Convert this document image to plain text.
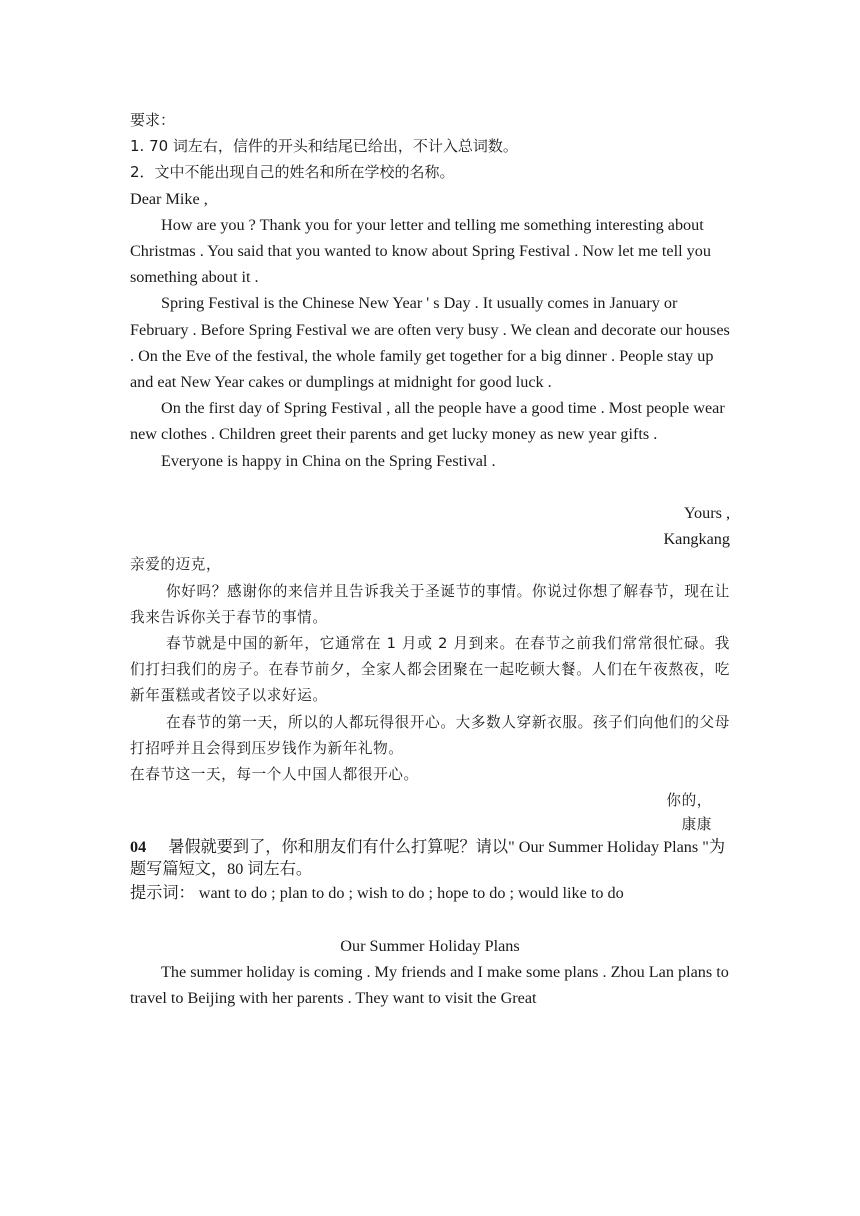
要求：

1. 70 词左右，信件的开头和结尾已给出，不计入总词数。

2．文中不能出现自己的姓名和所在学校的名称。

Dear Mike ,

How are you ? Thank you for your letter and telling me something interesting about Christmas . You said that you wanted to know about Spring Festival . Now let me tell you something about it .

Spring Festival is the Chinese New Year ' s Day . It usually comes in January or February . Before Spring Festival we are often very busy . We clean and decorate our houses . On the Eve of the festival, the whole family get together for a big dinner . People stay up and eat New Year cakes or dumplings at midnight for good luck .

On the first day of Spring Festival , all the people have a good time . Most people wear new clothes . Children greet their parents and get lucky money as new year gifts .

Everyone is happy in China on the Spring Festival .

Yours ,

Kangkang

亲爱的迈克，

你好吗？感谢你的来信并且告诉我关于圣诞节的事情。你说过你想了解春节，现在让我来告诉你关于春节的事情。

春节就是中国的新年，它通常在 1 月或 2 月到来。在春节之前我们常常很忙碌。我们打扫我们的房子。在春节前夕，全家人都会团聚在一起吃顿大餐。人们在午夜熬夜，吃新年蛋糕或者饺子以求好运。

在春节的第一天，所以的人都玩得很开心。大多数人穿新衣服。孩子们向他们的父母打招呼并且会得到压岁钱作为新年礼物。

在春节这一天，每一个人中国人都很开心。

你的，

康康

04 暑假就要到了，你和朋友们有什么打算呢？请以" Our Summer Holiday Plans "为题写篇短文，80 词左右。

提示词： want to do ; plan to do ; wish to do ; hope to do ; would like to do

Our Summer Holiday Plans

The summer holiday is coming . My friends and I make some plans . Zhou Lan plans to travel to Beijing with her parents . They want to visit the Great
